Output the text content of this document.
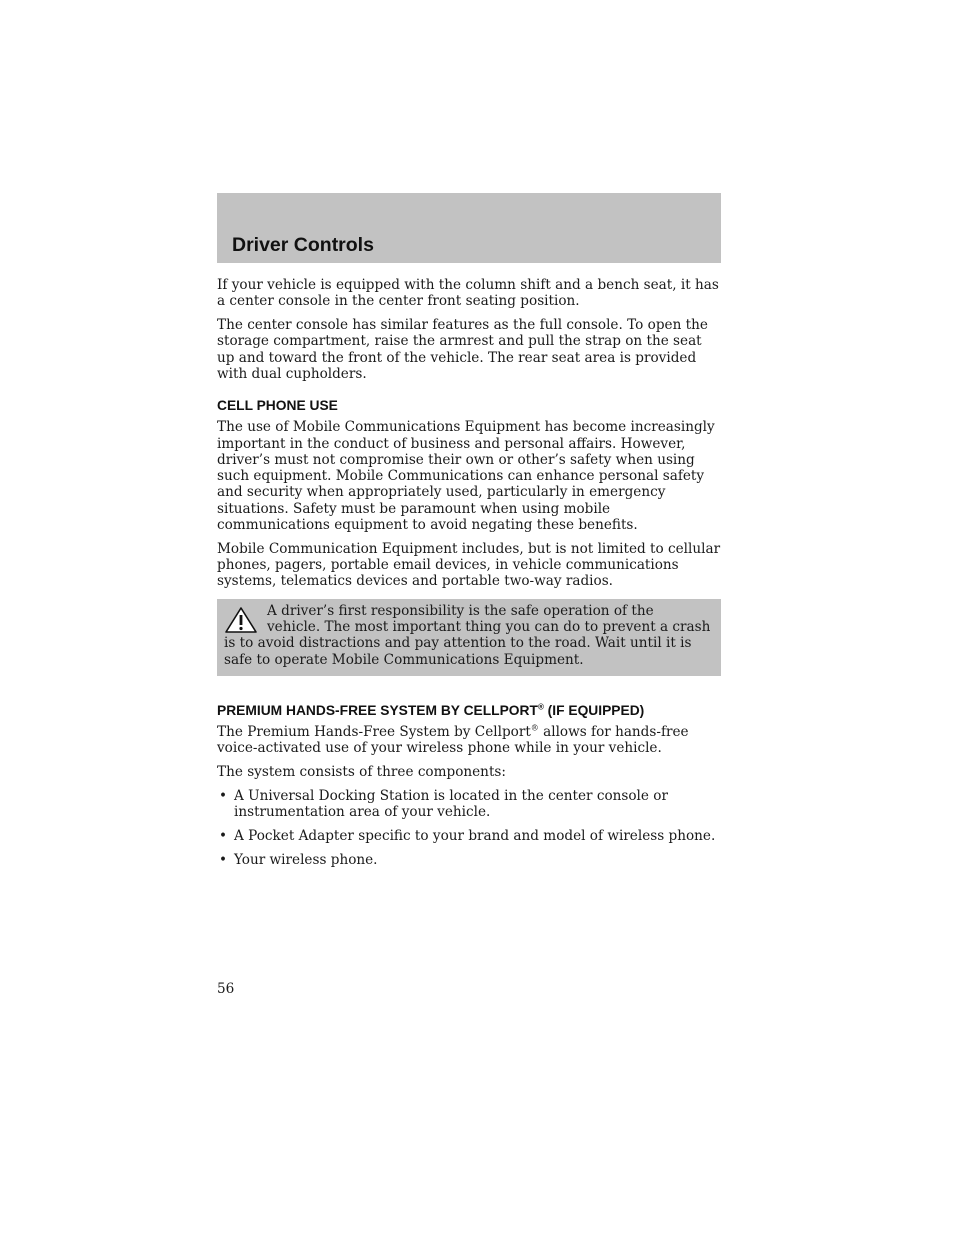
Driver Controls

If your vehicle is equipped with the column shift and a bench seat, it has a center console in the center front seating position.

The center console has similar features as the full console. To open the storage compartment, raise the armrest and pull the strap on the seat up and toward the front of the vehicle. The rear seat area is provided with dual cupholders.

CELL PHONE USE

The use of Mobile Communications Equipment has become increasingly important in the conduct of business and personal affairs. However, driver’s must not compromise their own or other’s safety when using such equipment. Mobile Communications can enhance personal safety and security when appropriately used, particularly in emergency situations. Safety must be paramount when using mobile communications equipment to avoid negating these benefits.

Mobile Communication Equipment includes, but is not limited to cellular phones, pagers, portable email devices, in vehicle communications systems, telematics devices and portable two-way radios.

A driver’s first responsibility is the safe operation of the vehicle. The most important thing you can do to prevent a crash is to avoid distractions and pay attention to the road. Wait until it is safe to operate Mobile Communications Equipment.
PREMIUM HANDS-FREE SYSTEM BY CELLPORT® (IF EQUIPPED)

The Premium Hands-Free System by Cellport® allows for hands-free voice-activated use of your wireless phone while in your vehicle.

The system consists of three components:

• A Universal Docking Station is located in the center console or instrumentation area of your vehicle.
• A Pocket Adapter specific to your brand and model of wireless phone.
• Your wireless phone.
56
